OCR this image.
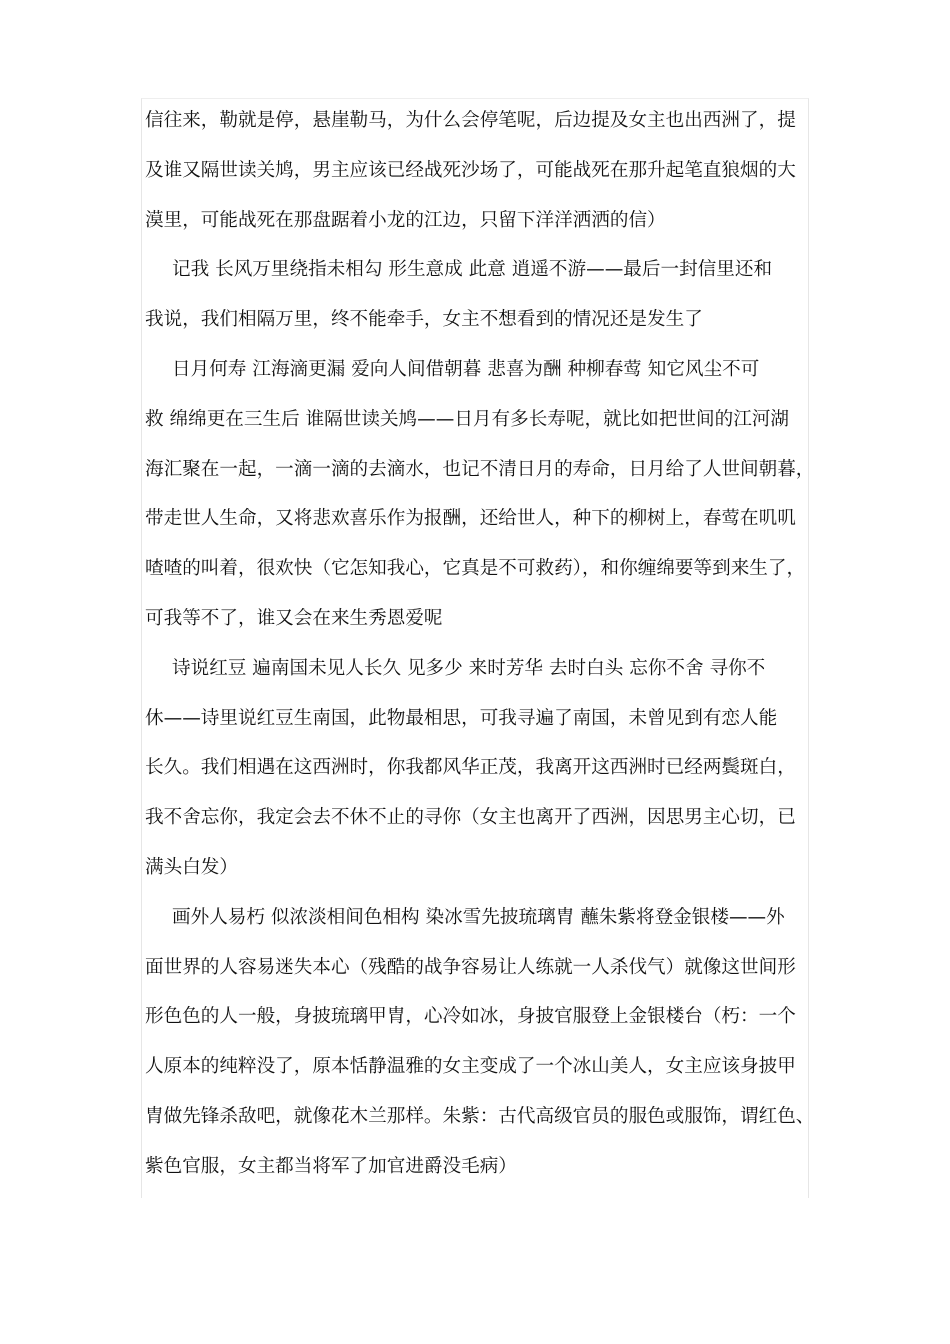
信往来，勒就是停，悬崖勒马，为什么会停笔呢，后边提及女主也出西洲了，提
及谁又隔世读关鸠，男主应该已经战死沙场了，可能战死在那升起笔直狼烟的大
漠里，可能战死在那盘踞着小龙的江边，只留下洋洋洒洒的信）
记我 长风万里绕指未相勾 形生意成 此意 逍遥不游——最后一封信里还和
我说，我们相隔万里，终不能牵手，女主不想看到的情况还是发生了
日月何寿 江海滴更漏 爱向人间借朝暮 悲喜为酬 种柳春莺 知它风尘不可
救 绵绵更在三生后 谁隔世读关鸠——日月有多长寿呢，就比如把世间的江河湖
海汇聚在一起，一滴一滴的去滴水，也记不清日月的寿命，日月给了人世间朝暮，
带走世人生命，又将悲欢喜乐作为报酬，还给世人，种下的柳树上，春莺在叽叽
喳喳的叫着，很欢快（它怎知我心，它真是不可救药），和你缠绵要等到来生了，
可我等不了，谁又会在来生秀恩爱呢
诗说红豆 遍南国未见人长久 见多少 来时芳华 去时白头 忘你不舍 寻你不
休——诗里说红豆生南国，此物最相思，可我寻遍了南国，未曾见到有恋人能
长久。我们相遇在这西洲时，你我都风华正茂，我离开这西洲时已经两鬓斑白，
我不舍忘你，我定会去不休不止的寻你（女主也离开了西洲，因思男主心切，已
满头白发）
画外人易朽 似浓淡相间色相构 染冰雪先披琉璃胄 蘸朱紫将登金银楼——外
面世界的人容易迷失本心（残酷的战争容易让人练就一人杀伐气）就像这世间形
形色色的人一般，身披琉璃甲胄，心冷如冰，身披官服登上金银楼台（朽：一个
人原本的纯粹没了，原本恬静温雅的女主变成了一个冰山美人，女主应该身披甲
胄做先锋杀敌吧，就像花木兰那样。朱紫：古代高级官员的服色或服饰，谓红色、
紫色官服，女主都当将军了加官进爵没毛病）
